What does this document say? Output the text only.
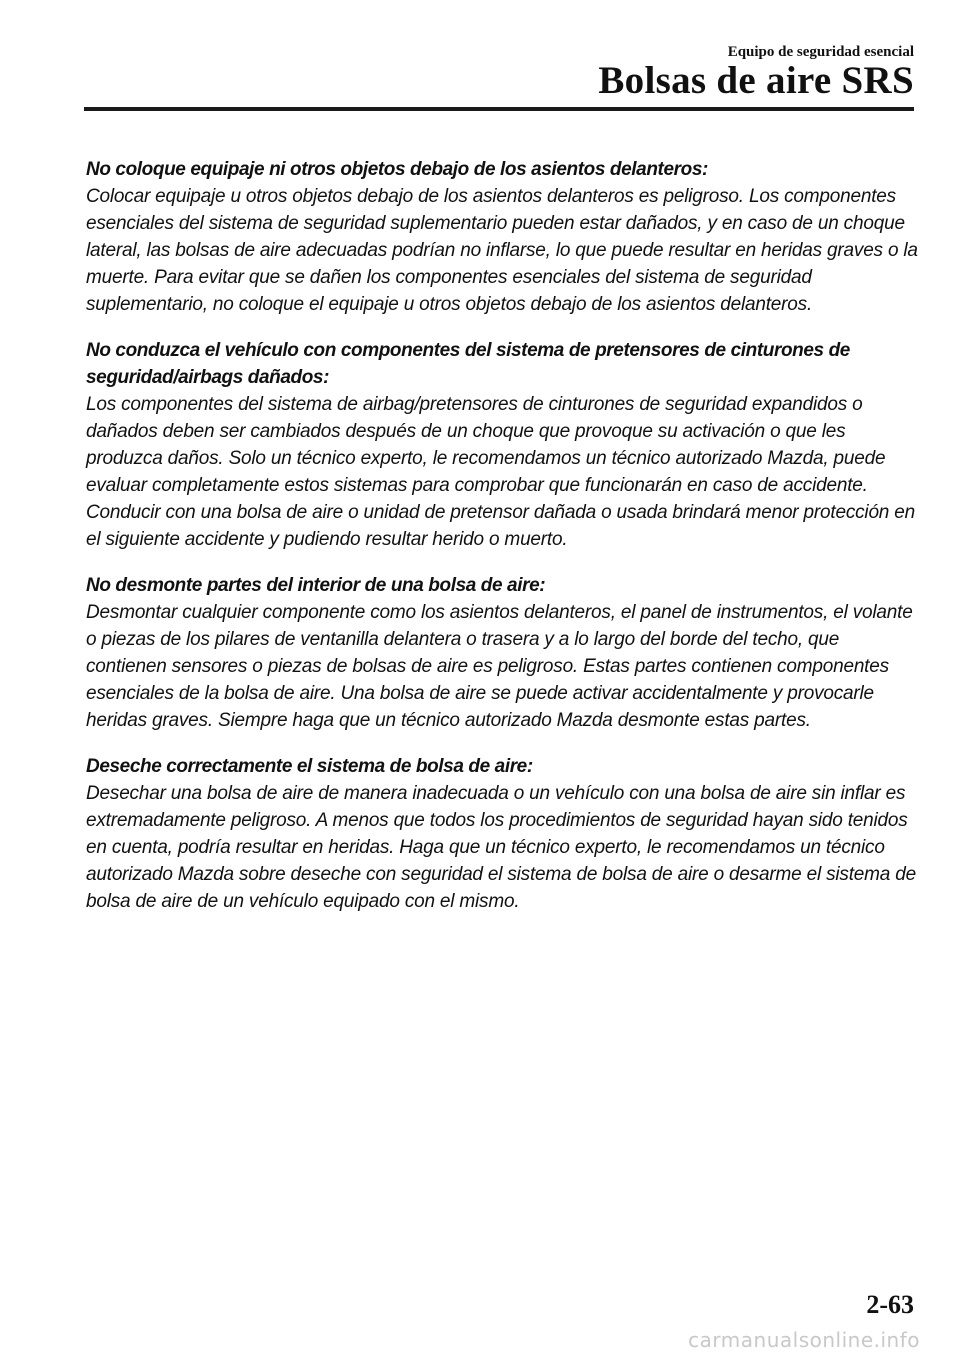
Equipo de seguridad esencial
Bolsas de aire SRS

No coloque equipaje ni otros objetos debajo de los asientos delanteros:

Colocar equipaje u otros objetos debajo de los asientos delanteros es peligroso. Los componentes esenciales del sistema de seguridad suplementario pueden estar dañados, y en caso de un choque lateral, las bolsas de aire adecuadas podrían no inflarse, lo que puede resultar en heridas graves o la muerte. Para evitar que se dañen los componentes esenciales del sistema de seguridad suplementario, no coloque el equipaje u otros objetos debajo de los asientos delanteros.

No conduzca el vehículo con componentes del sistema de pretensores de cinturones de seguridad/airbags dañados:

Los componentes del sistema de airbag/pretensores de cinturones de seguridad expandidos o dañados deben ser cambiados después de un choque que provoque su activación o que les produzca daños. Solo un técnico experto, le recomendamos un técnico autorizado Mazda, puede evaluar completamente estos sistemas para comprobar que funcionarán en caso de accidente. Conducir con una bolsa de aire o unidad de pretensor dañada o usada brindará menor protección en el siguiente accidente y pudiendo resultar herido o muerto.

No desmonte partes del interior de una bolsa de aire:

Desmontar cualquier componente como los asientos delanteros, el panel de instrumentos, el volante o piezas de los pilares de ventanilla delantera o trasera y a lo largo del borde del techo, que contienen sensores o piezas de bolsas de aire es peligroso. Estas partes contienen componentes esenciales de la bolsa de aire. Una bolsa de aire se puede activar accidentalmente y provocarle heridas graves. Siempre haga que un técnico autorizado Mazda desmonte estas partes.

Deseche correctamente el sistema de bolsa de aire:

Desechar una bolsa de aire de manera inadecuada o un vehículo con una bolsa de aire sin inflar es extremadamente peligroso. A menos que todos los procedimientos de seguridad hayan sido tenidos en cuenta, podría resultar en heridas. Haga que un técnico experto, le recomendamos un técnico autorizado Mazda sobre deseche con seguridad el sistema de bolsa de aire o desarme el sistema de bolsa de aire de un vehículo equipado con el mismo.

2-63
carmanualsonline.info
